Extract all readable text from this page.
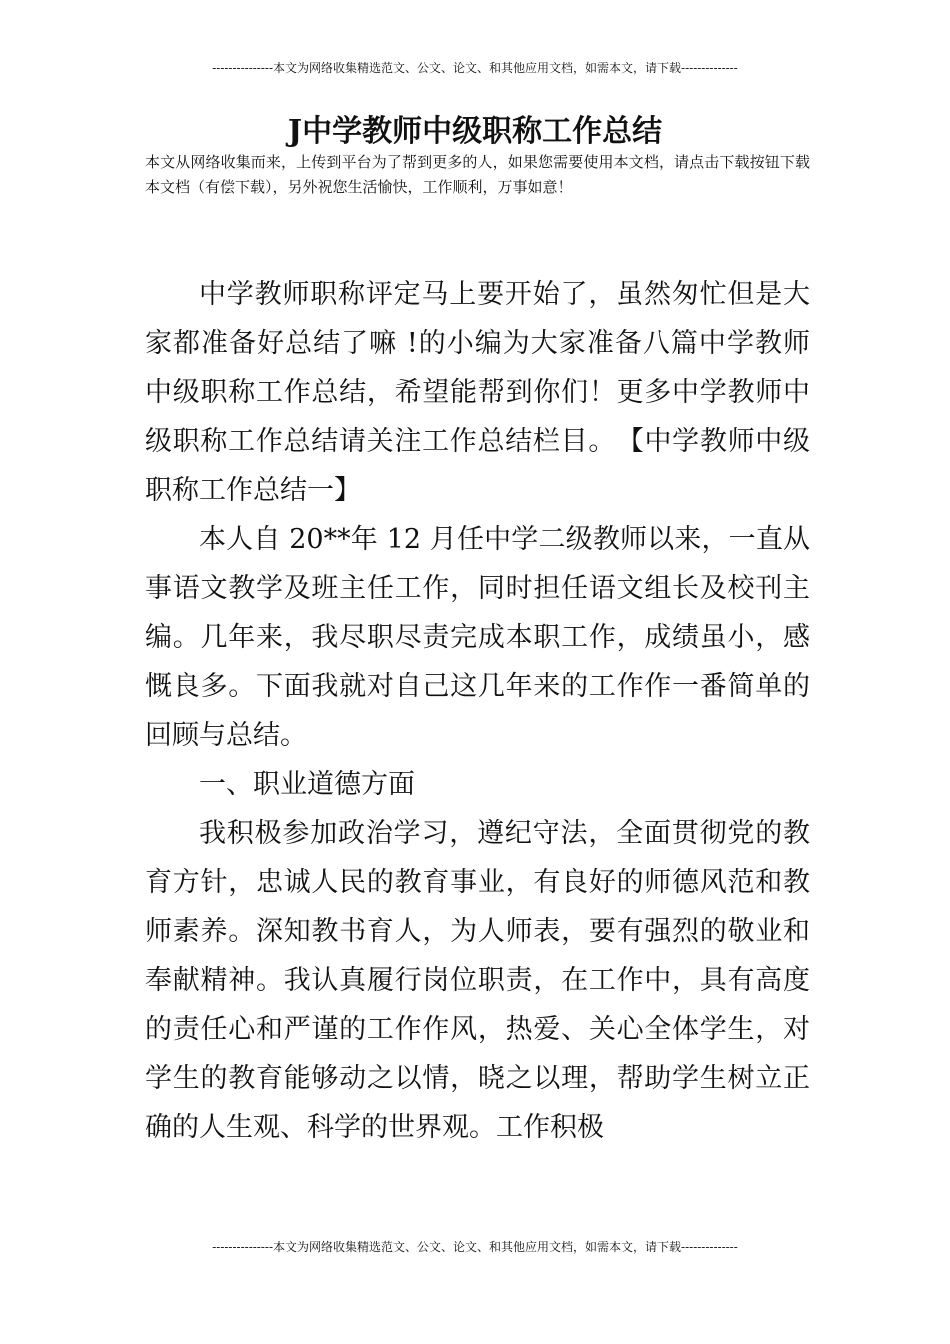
---------------本文为网络收集精选范文、公文、论文、和其他应用文档，如需本文，请下载--------------
J中学教师中级职称工作总结
本文从网络收集而来，上传到平台为了帮到更多的人，如果您需要使用本文档，请点击下载按钮下载本文档（有偿下载），另外祝您生活愉快，工作顺利，万事如意！

中学教师职称评定马上要开始了，虽然匆忙但是大家都准备好总结了嘛 !的小编为大家准备八篇中学教师中级职称工作总结，希望能帮到你们！更多中学教师中级职称工作总结请关注工作总结栏目。　【中学教师中级职称工作总结一】

本人自 20**年 12 月任中学二级教师以来，一直从事语文教学及班主任工作，同时担任语文组长及校刊主编。几年来，我尽职尽责完成本职工作，成绩虽小，感慨良多。下面我就对自己这几年来的工作作一番简单的回顾与总结。

一、职业道德方面

我积极参加政治学习，遵纪守法，全面贯彻党的教育方针，忠诚人民的教育事业，有良好的师德风范和教师素养。深知教书育人，为人师表，要有强烈的敬业和奉献精神。我认真履行岗位职责，在工作中，具有高度的责任心和严谨的工作作风，热爱、关心全体学生，对学生的教育能够动之以情，晓之以理，帮助学生树立正确的人生观、科学的世界观。工作积极

---------------本文为网络收集精选范文、公文、论文、和其他应用文档，如需本文，请下载--------------
